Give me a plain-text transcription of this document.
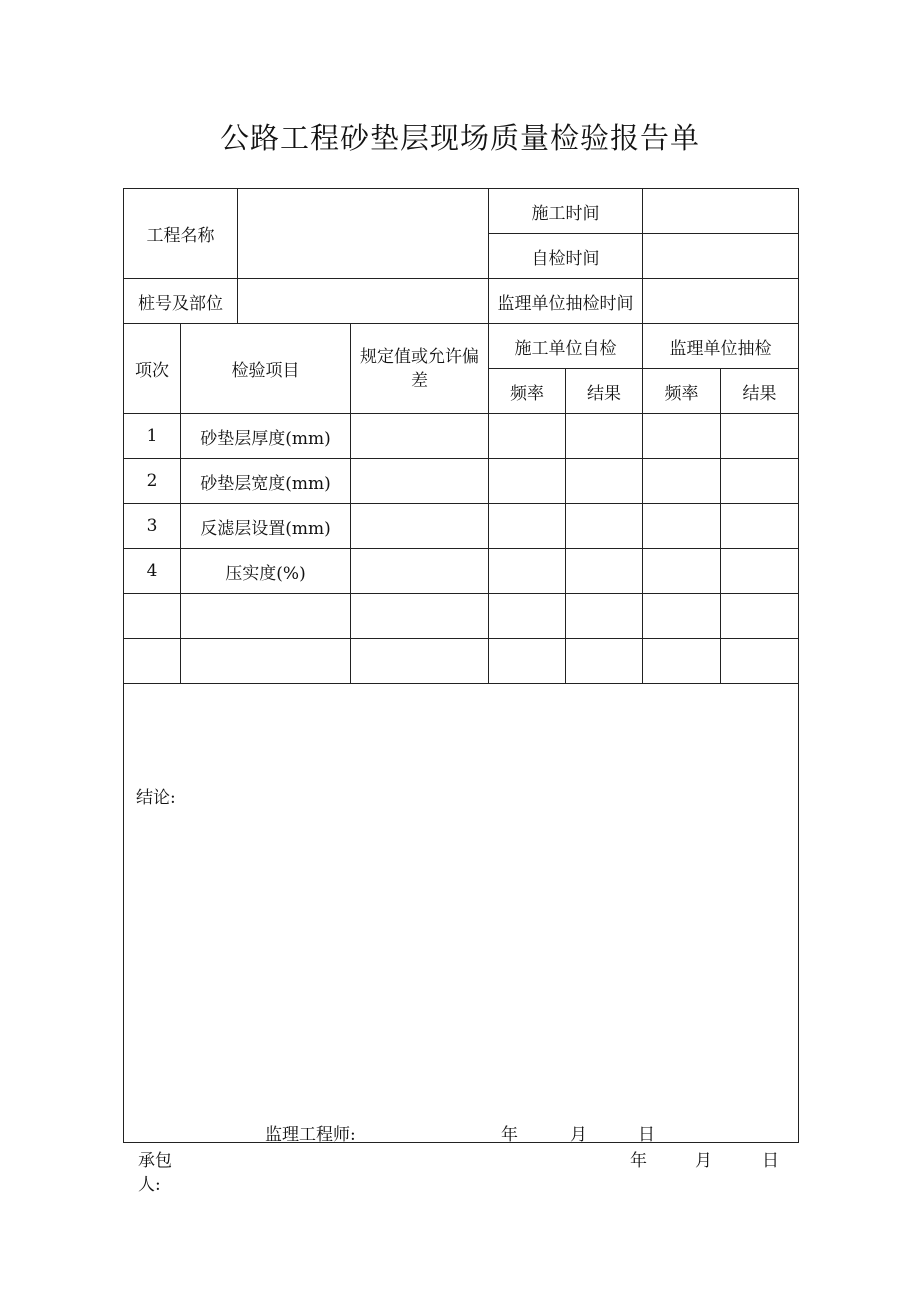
公路工程砂垫层现场质量检验报告单
工程名称				施工时间			
				自检时间			
桩号及部位				监理单位抽检时间			
项次	检验项目		规定值或允许偏差	施工单位自检		监理单位抽检	
				频率	结果	频率	结果
1	砂垫层厚度(mm)						
2	砂垫层宽度(mm)						
3	反滤层设置(mm)						
4	压实度(%)						

结论:
监理工程师: 年 月 日							
承包
人:
年	月	日
